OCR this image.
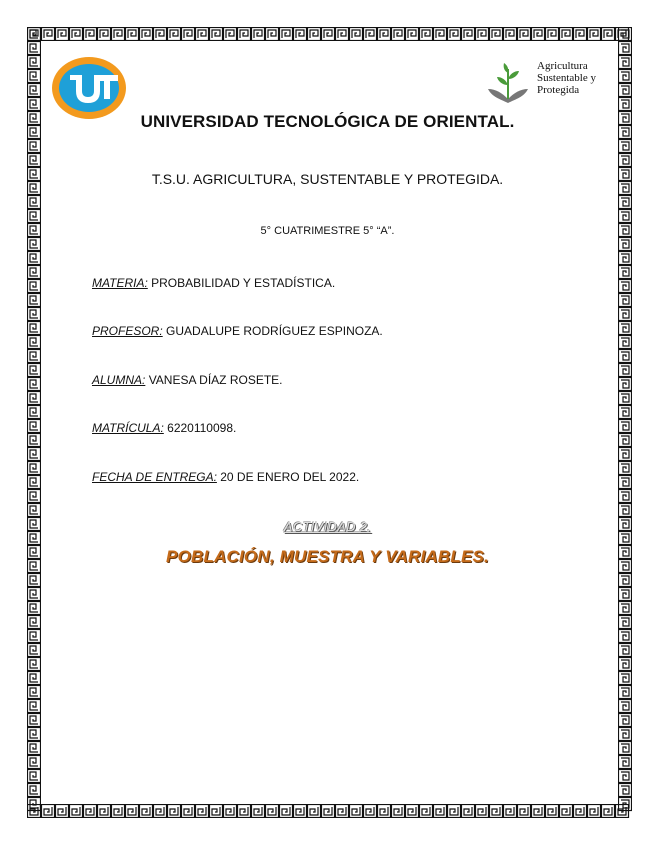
Agricultura
Sustentable y
Protegida
UNIVERSIDAD TECNOLÓGICA DE ORIENTAL.
T.S.U. AGRICULTURA, SUSTENTABLE Y PROTEGIDA.
5° CUATRIMESTRE 5° “A”.
MATERIA: PROBABILIDAD Y ESTADÍSTICA.
PROFESOR: GUADALUPE RODRÍGUEZ ESPINOZA.
ALUMNA: VANESA DÍAZ ROSETE.
MATRÍCULA: 6220110098.
FECHA DE ENTREGA: 20 DE ENERO DEL 2022.
ACTIVIDAD 2.
POBLACIÓN, MUESTRA Y VARIABLES.
